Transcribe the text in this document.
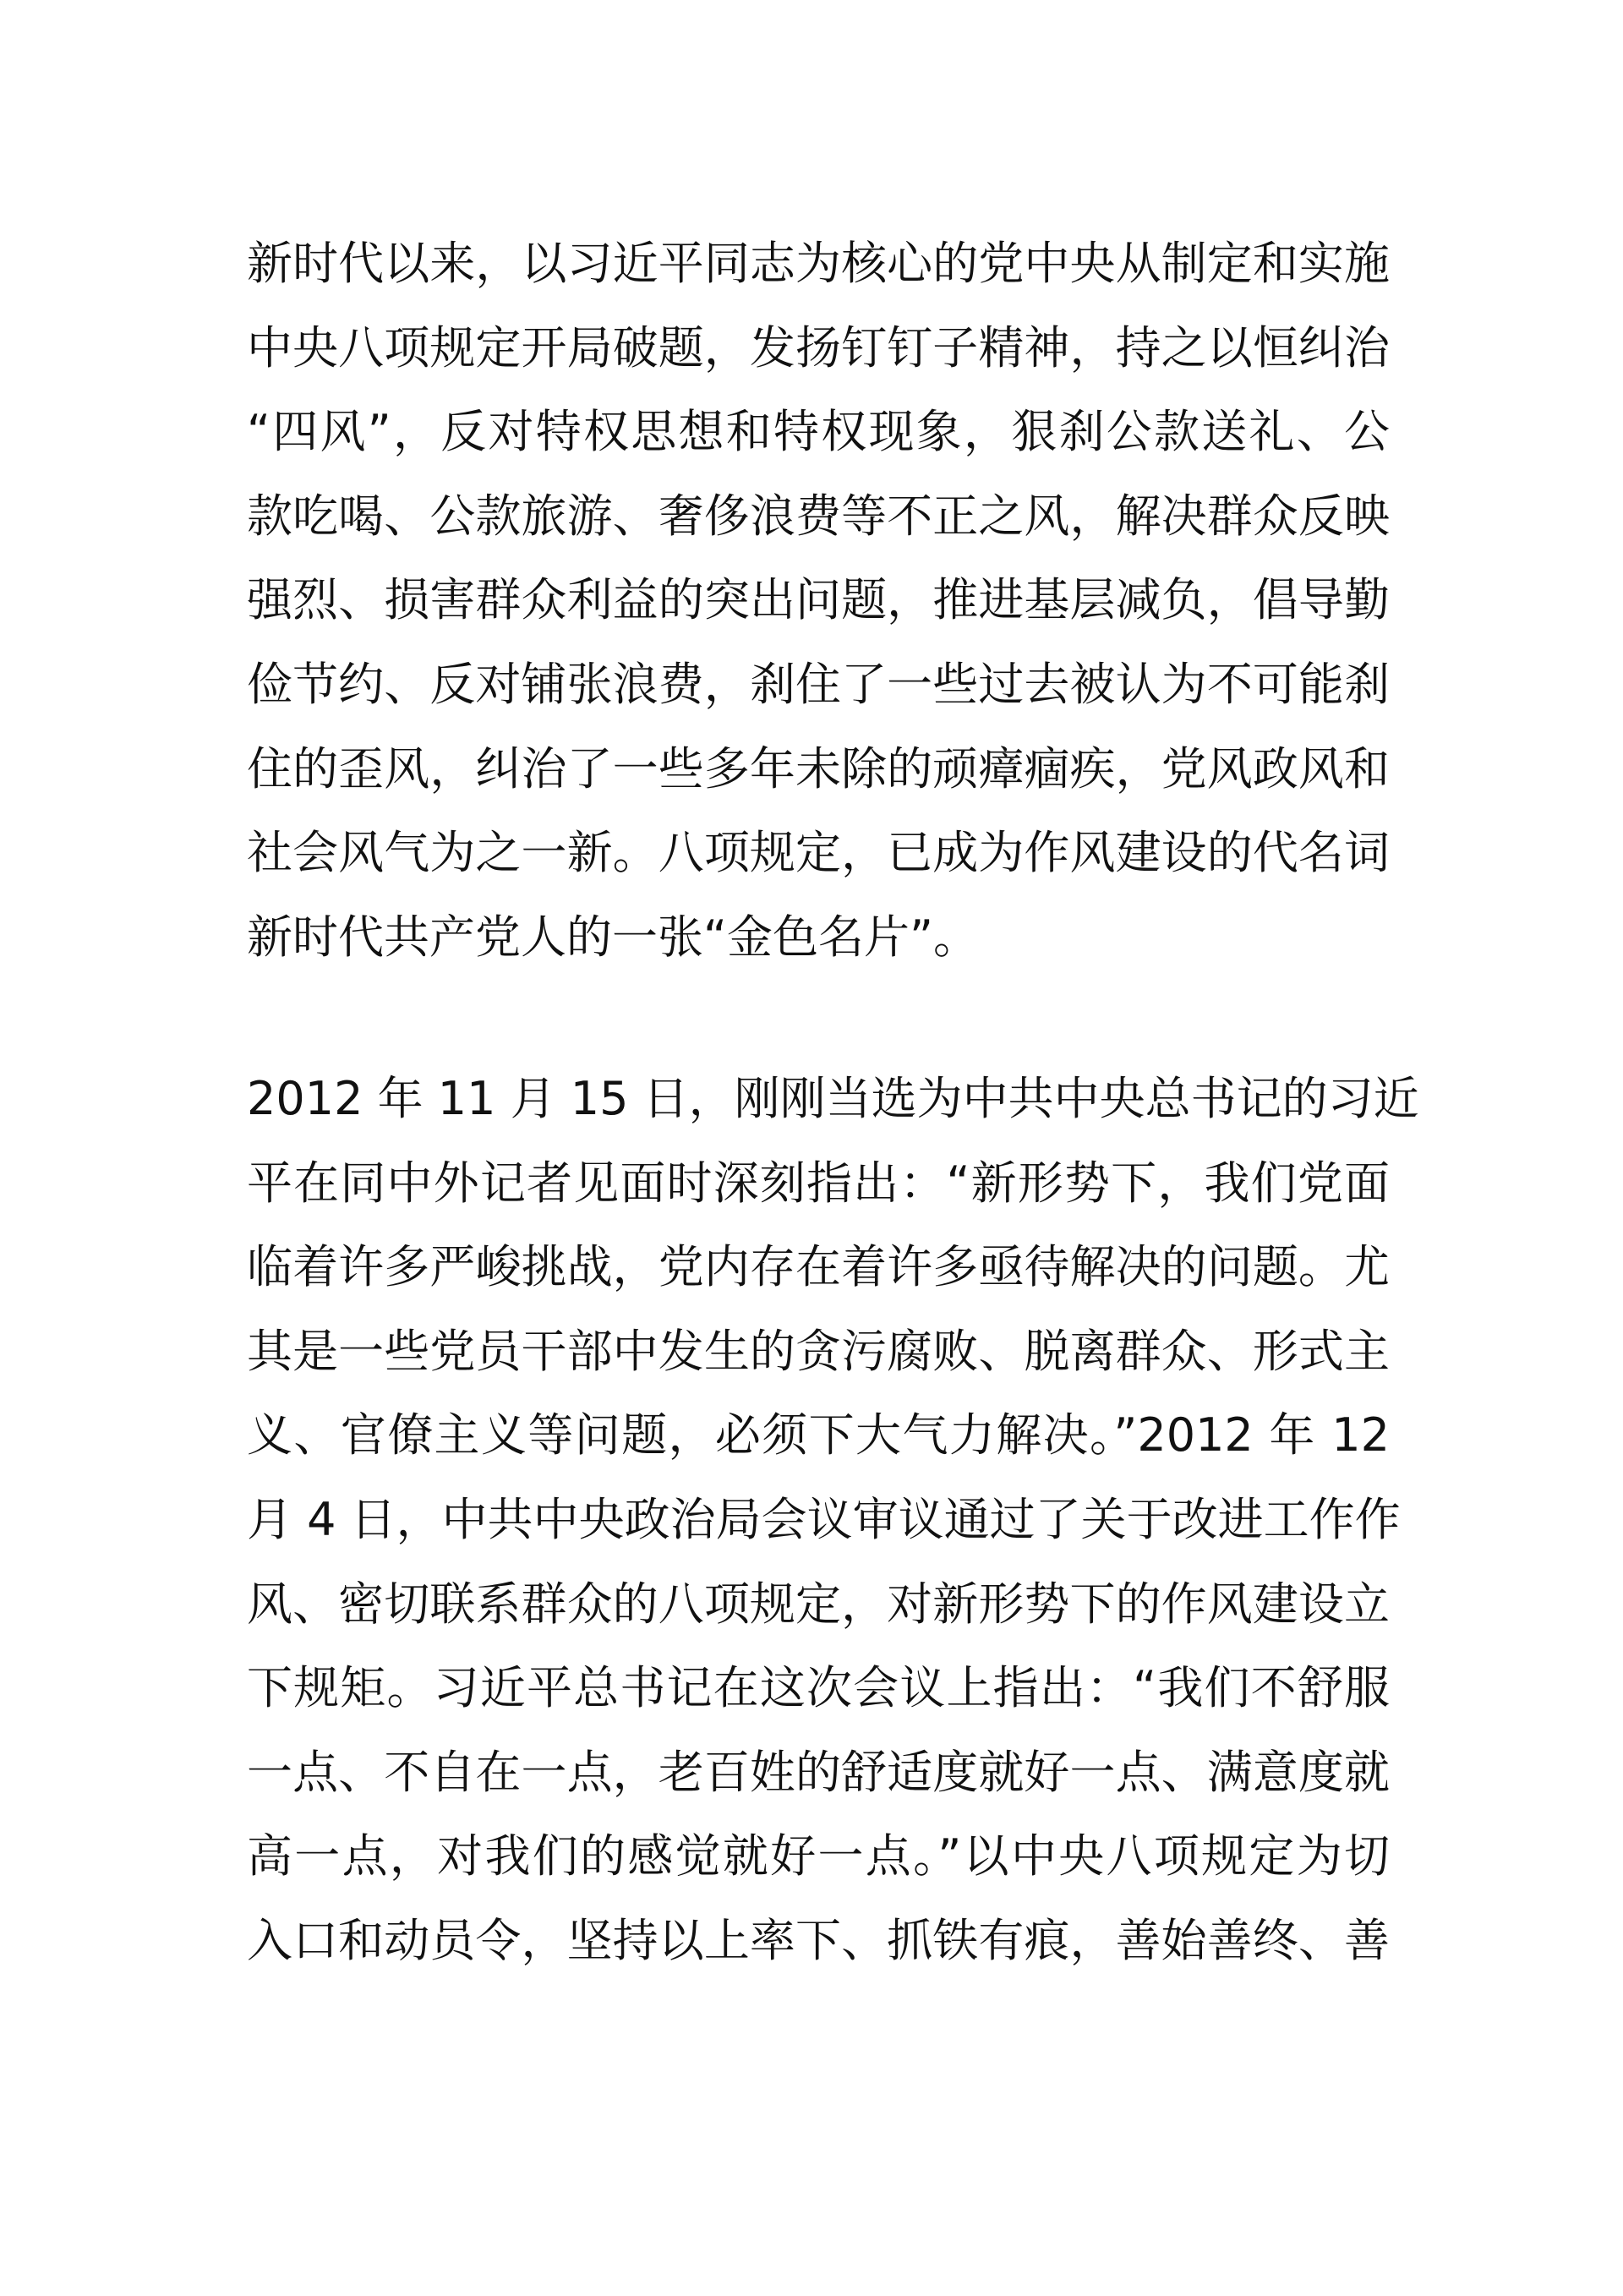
新时代以来，以习近平同志为核心的党中央从制定和实施
中央八项规定开局破题，发扬钉钉子精神，持之以恒纠治
“四风”，反对特权思想和特权现象，狠刹公款送礼、公
款吃喝、公款旅游、奢侈浪费等不正之风，解决群众反映
强烈、损害群众利益的突出问题，推进基层减负，倡导勤
俭节约、反对铺张浪费，刹住了一些过去被认为不可能刹
住的歪风，纠治了一些多年未除的顽瘴痼疾，党风政风和
社会风气为之一新。八项规定，已成为作风建设的代名词
新时代共产党人的一张“金色名片”。
2012 年 11 月 15 日，刚刚当选为中共中央总书记的习近
平在同中外记者见面时深刻指出：“新形势下，我们党面
临着许多严峻挑战，党内存在着许多亟待解决的问题。尤
其是一些党员干部中发生的贪污腐败、脱离群众、形式主
义、官僚主义等问题，必须下大气力解决。”2012 年 12
月 4 日，中共中央政治局会议审议通过了关于改进工作作
风、密切联系群众的八项规定，对新形势下的作风建设立
下规矩。习近平总书记在这次会议上指出：“我们不舒服
一点、不自在一点，老百姓的舒适度就好一点、满意度就
高一点，对我们的感觉就好一点。”以中央八项规定为切
入口和动员令，坚持以上率下、抓铁有痕，善始善终、善
